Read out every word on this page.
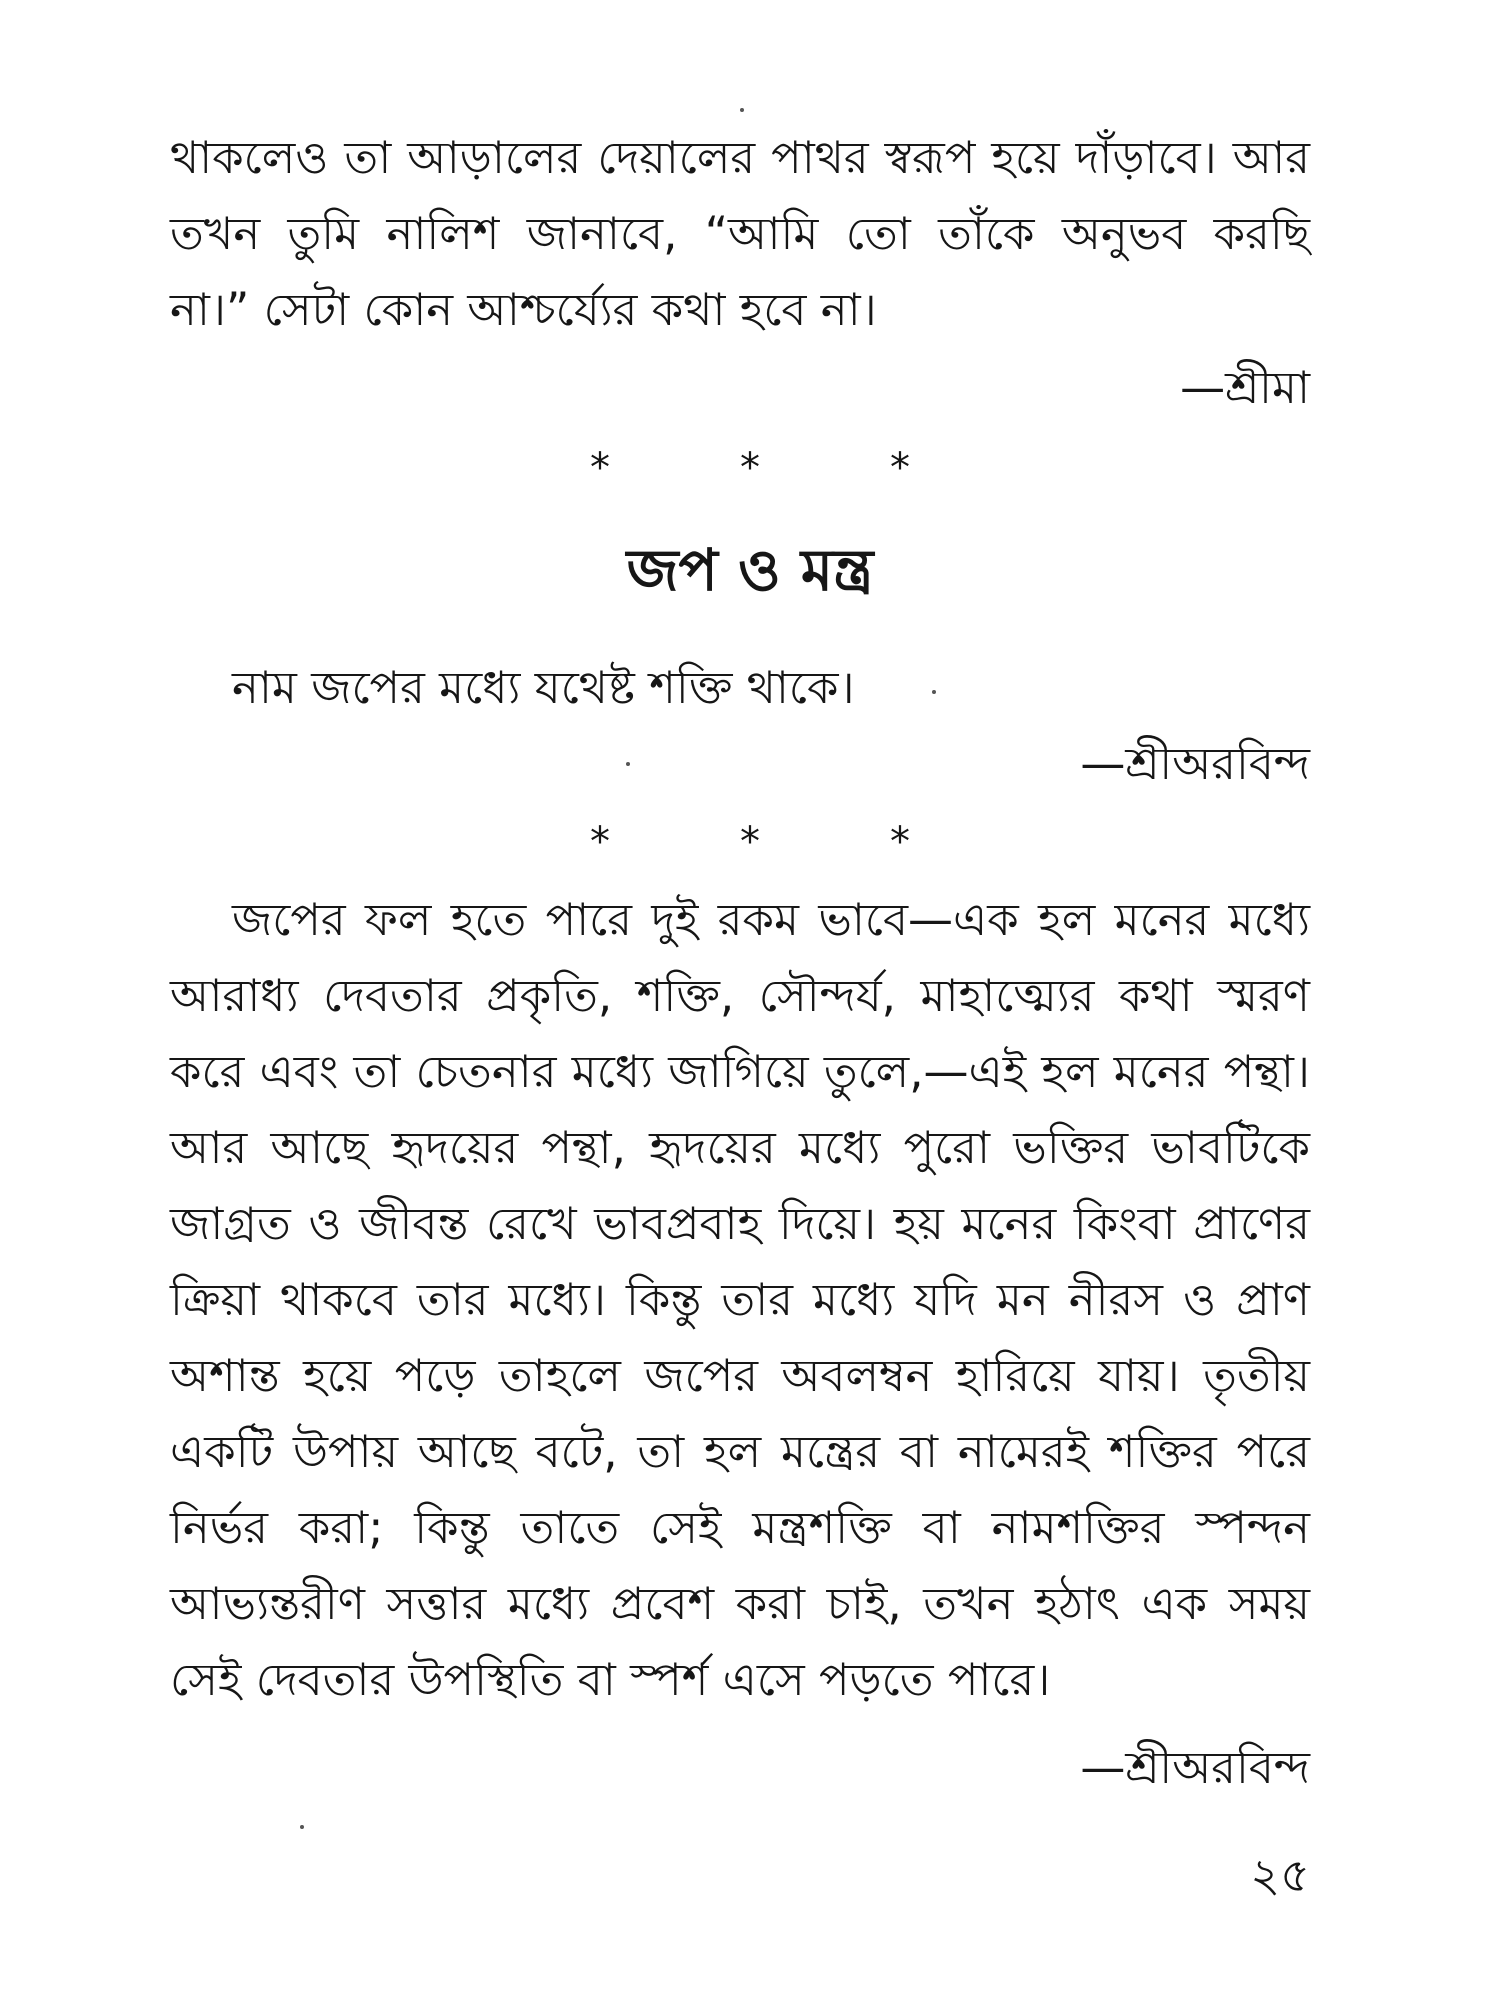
থাকলেও তা আড়ালের দেয়ালের পাথর স্বরূপ হয়ে দাঁড়াবে। আর
তখন তুমি নালিশ জানাবে, “আমি তো তাঁকে অনুভব করছি
না।” সেটা কোন আশ্চর্য্যের কথা হবে না।
—শ্রীমা
*	*	*
জপ ও মন্ত্র
নাম জপের মধ্যে যথেষ্ট শক্তি থাকে।
—শ্রীঅরবিন্দ
*	*	*
জপের ফল হতে পারে দুই রকম ভাবে—এক হল মনের মধ্যে
আরাধ্য দেবতার প্রকৃতি, শক্তি, সৌন্দর্য, মাহাত্ম্যের কথা স্মরণ
করে এবং তা চেতনার মধ্যে জাগিয়ে তুলে,—এই হল মনের পন্থা।
আর আছে হৃদয়ের পন্থা, হৃদয়ের মধ্যে পুরো ভক্তির ভাবটিকে
জাগ্রত ও জীবন্ত রেখে ভাবপ্রবাহ দিয়ে। হয় মনের কিংবা প্রাণের
ক্রিয়া থাকবে তার মধ্যে। কিন্তু তার মধ্যে যদি মন নীরস ও প্রাণ
অশান্ত হয়ে পড়ে তাহলে জপের অবলম্বন হারিয়ে যায়। তৃতীয়
একটি উপায় আছে বটে, তা হল মন্ত্রের বা নামেরই শক্তির পরে
নির্ভর করা; কিন্তু তাতে সেই মন্ত্রশক্তি বা নামশক্তির স্পন্দন
আভ্যন্তরীণ সত্তার মধ্যে প্রবেশ করা চাই, তখন হঠাৎ এক সময়
সেই দেবতার উপস্থিতি বা স্পর্শ এসে পড়তে পারে।
—শ্রীঅরবিন্দ
২৫
